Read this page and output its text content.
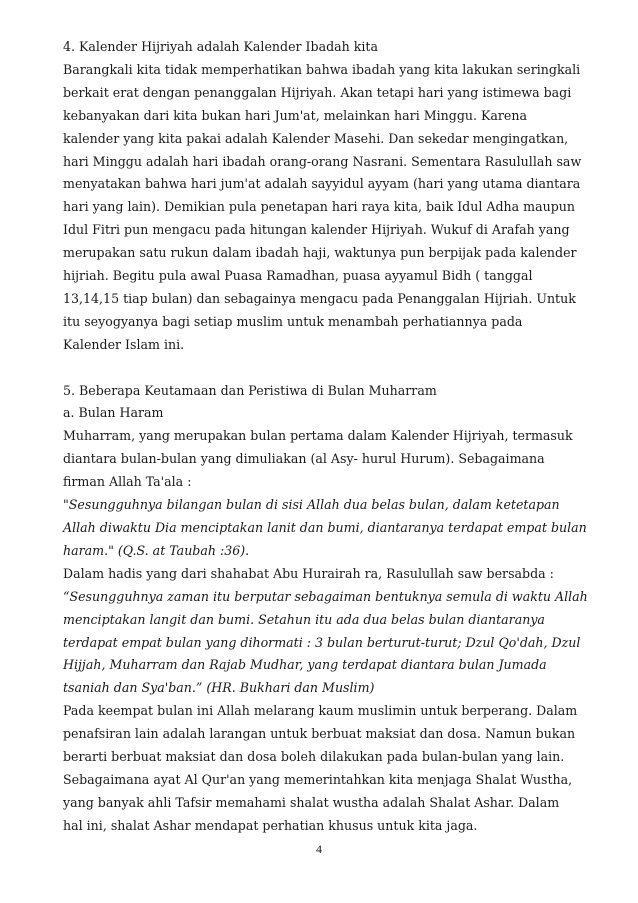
4. Kalender Hijriyah adalah Kalender Ibadah kita
Barangkali kita tidak memperhatikan bahwa ibadah yang kita lakukan seringkali
berkait erat dengan penanggalan Hijriyah. Akan tetapi hari yang istimewa bagi
kebanyakan dari kita bukan hari Jum'at, melainkan hari Minggu. Karena
kalender yang kita pakai adalah Kalender Masehi. Dan sekedar mengingatkan,
hari Minggu adalah hari ibadah orang-orang Nasrani. Sementara Rasulullah saw
menyatakan bahwa hari jum'at adalah sayyidul ayyam (hari yang utama diantara
hari yang lain). Demikian pula penetapan hari raya kita, baik Idul Adha maupun
Idul Fitri pun mengacu pada hitungan kalender Hijriyah. Wukuf di Arafah yang
merupakan satu rukun dalam ibadah haji, waktunya pun berpijak pada kalender
hijriah. Begitu pula awal Puasa Ramadhan, puasa ayyamul Bidh ( tanggal
13,14,15 tiap bulan) dan sebagainya mengacu pada Penanggalan Hijriah. Untuk
itu seyogyanya bagi setiap muslim untuk menambah perhatiannya pada
Kalender Islam ini.
5. Beberapa Keutamaan dan Peristiwa di Bulan Muharram
a. Bulan Haram
Muharram, yang merupakan bulan pertama dalam Kalender Hijriyah, termasuk
diantara bulan-bulan yang dimuliakan (al Asy- hurul Hurum). Sebagaimana
firman Allah Ta'ala :
"Sesungguhnya bilangan bulan di sisi Allah dua belas bulan, dalam ketetapan
Allah diwaktu Dia menciptakan lanit dan bumi, diantaranya terdapat empat bulan
haram." (Q.S. at Taubah :36).
Dalam hadis yang dari shahabat Abu Hurairah ra, Rasulullah saw bersabda :
“Sesungguhnya zaman itu berputar sebagaiman bentuknya semula di waktu Allah
menciptakan langit dan bumi. Setahun itu ada dua belas bulan diantaranya
terdapat empat bulan yang dihormati : 3 bulan berturut-turut; Dzul Qo'dah, Dzul
Hijjah, Muharram dan Rajab Mudhar, yang terdapat diantara bulan Jumada
tsaniah dan Sya'ban.” (HR. Bukhari dan Muslim)
Pada keempat bulan ini Allah melarang kaum muslimin untuk berperang. Dalam
penafsiran lain adalah larangan untuk berbuat maksiat dan dosa. Namun bukan
berarti berbuat maksiat dan dosa boleh dilakukan pada bulan-bulan yang lain.
Sebagaimana ayat Al Qur'an yang memerintahkan kita menjaga Shalat Wustha,
yang banyak ahli Tafsir memahami shalat wustha adalah Shalat Ashar. Dalam
hal ini, shalat Ashar mendapat perhatian khusus untuk kita jaga.
4
